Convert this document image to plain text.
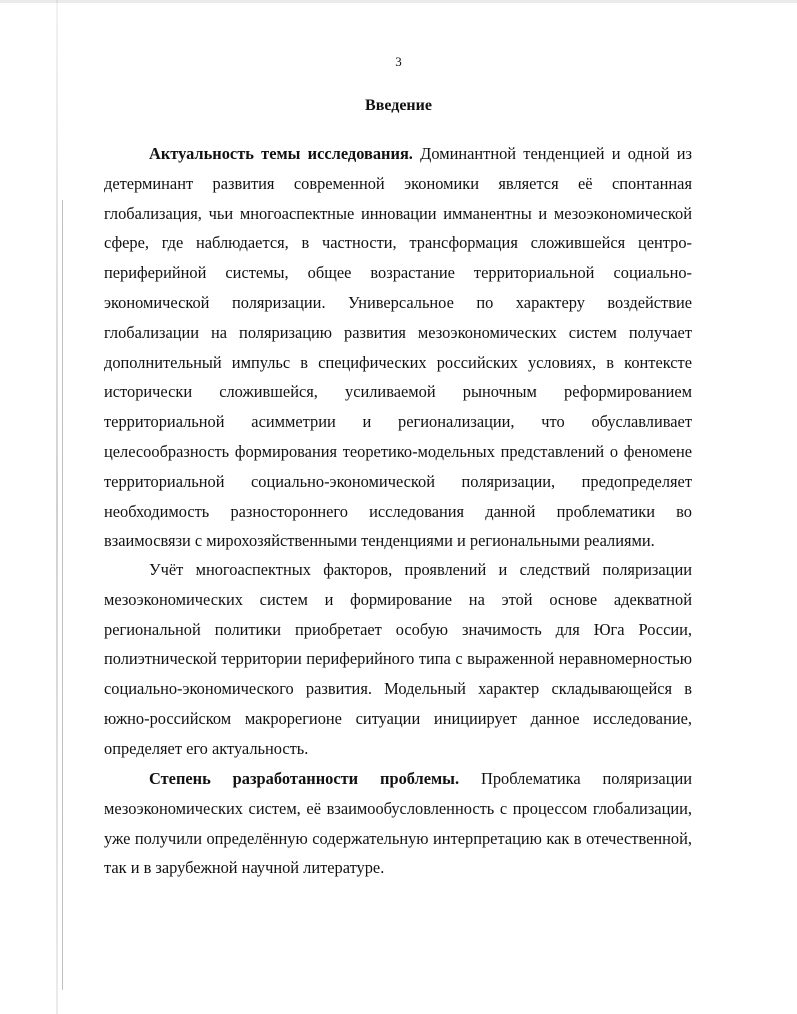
3
Введение

Актуальность темы исследования. Доминантной тенденцией и одной из детерминант развития современной экономики является её спонтанная глобализация, чьи многоаспектные инновации имманентны и мезоэкономической сфере, где наблюдается, в частности, трансформация сложившейся центро-периферийной системы, общее возрастание территориальной социально-экономической поляризации. Универсальное по характеру воздействие глобализации на поляризацию развития мезоэкономических систем получает дополнительный импульс в специфических российских условиях, в контексте исторически сложившейся, усиливаемой рыночным реформированием территориальной асимметрии и регионализации, что обуславливает целесообразность формирования теоретико-модельных представлений о феномене территориальной социально-экономической поляризации, предопределяет необходимость разностороннего исследования данной проблематики во взаимосвязи с мирохозяйственными тенденциями и региональными реалиями.

Учёт многоаспектных факторов, проявлений и следствий поляризации мезоэкономических систем и формирование на этой основе адекватной региональной политики приобретает особую значимость для Юга России, полиэтнической территории периферийного типа с выраженной неравномерностью социально-экономического развития. Модельный характер складывающейся в южно-российском макрорегионе ситуации инициирует данное исследование, определяет его актуальность.

Степень разработанности проблемы. Проблематика поляризации мезоэкономических систем, её взаимообусловленность с процессом глобализации, уже получили определённую содержательную интерпретацию как в отечественной, так и в зарубежной научной литературе.
